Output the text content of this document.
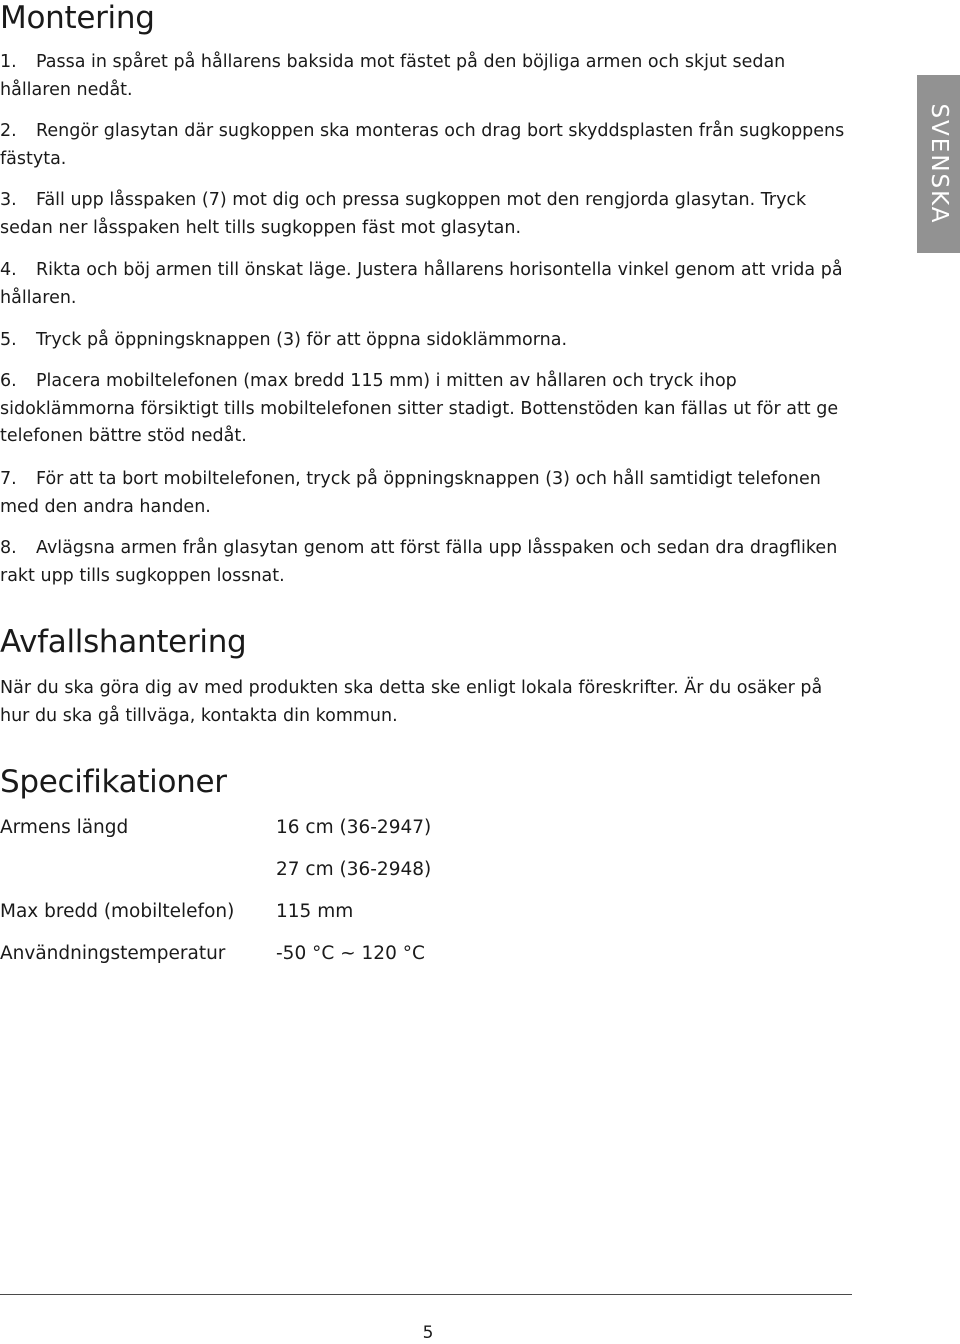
Montering
1. Passa in spåret på hållarens baksida mot fästet på den böjliga armen och skjut sedan hållaren nedåt.
2. Rengör glasytan där sugkoppen ska monteras och drag bort skyddsplasten från sugkoppens fästyta.
3. Fäll upp låsspaken (7) mot dig och pressa sugkoppen mot den rengjorda glasytan. Tryck sedan ner låsspaken helt tills sugkoppen fäst mot glasytan.
4. Rikta och böj armen till önskat läge. Justera hållarens horisontella vinkel genom att vrida på hållaren.
5. Tryck på öppningsknappen (3) för att öppna sidoklämmorna.
6. Placera mobiltelefonen (max bredd 115 mm) i mitten av hållaren och tryck ihop sidoklämmorna försiktigt tills mobiltelefonen sitter stadigt. Bottenstöden kan fällas ut för att ge telefonen bättre stöd nedåt.
7. För att ta bort mobiltelefonen, tryck på öppningsknappen (3) och håll samtidigt telefonen med den andra handen.
8. Avlägsna armen från glasytan genom att först fälla upp låsspaken och sedan dra dragfliken rakt upp tills sugkoppen lossnat.
Avfallshantering

När du ska göra dig av med produkten ska detta ske enligt lokala föreskrifter. Är du osäker på hur du ska gå tillväga, kontakta din kommun.

Specifikationer
Armens längd	16 cm (36-2947)
27 cm (36-2948)
Max bredd (mobiltelefon) 115 mm
Användningstemperatur	-50 °C ~ 120 °C
SVENSKA
5
